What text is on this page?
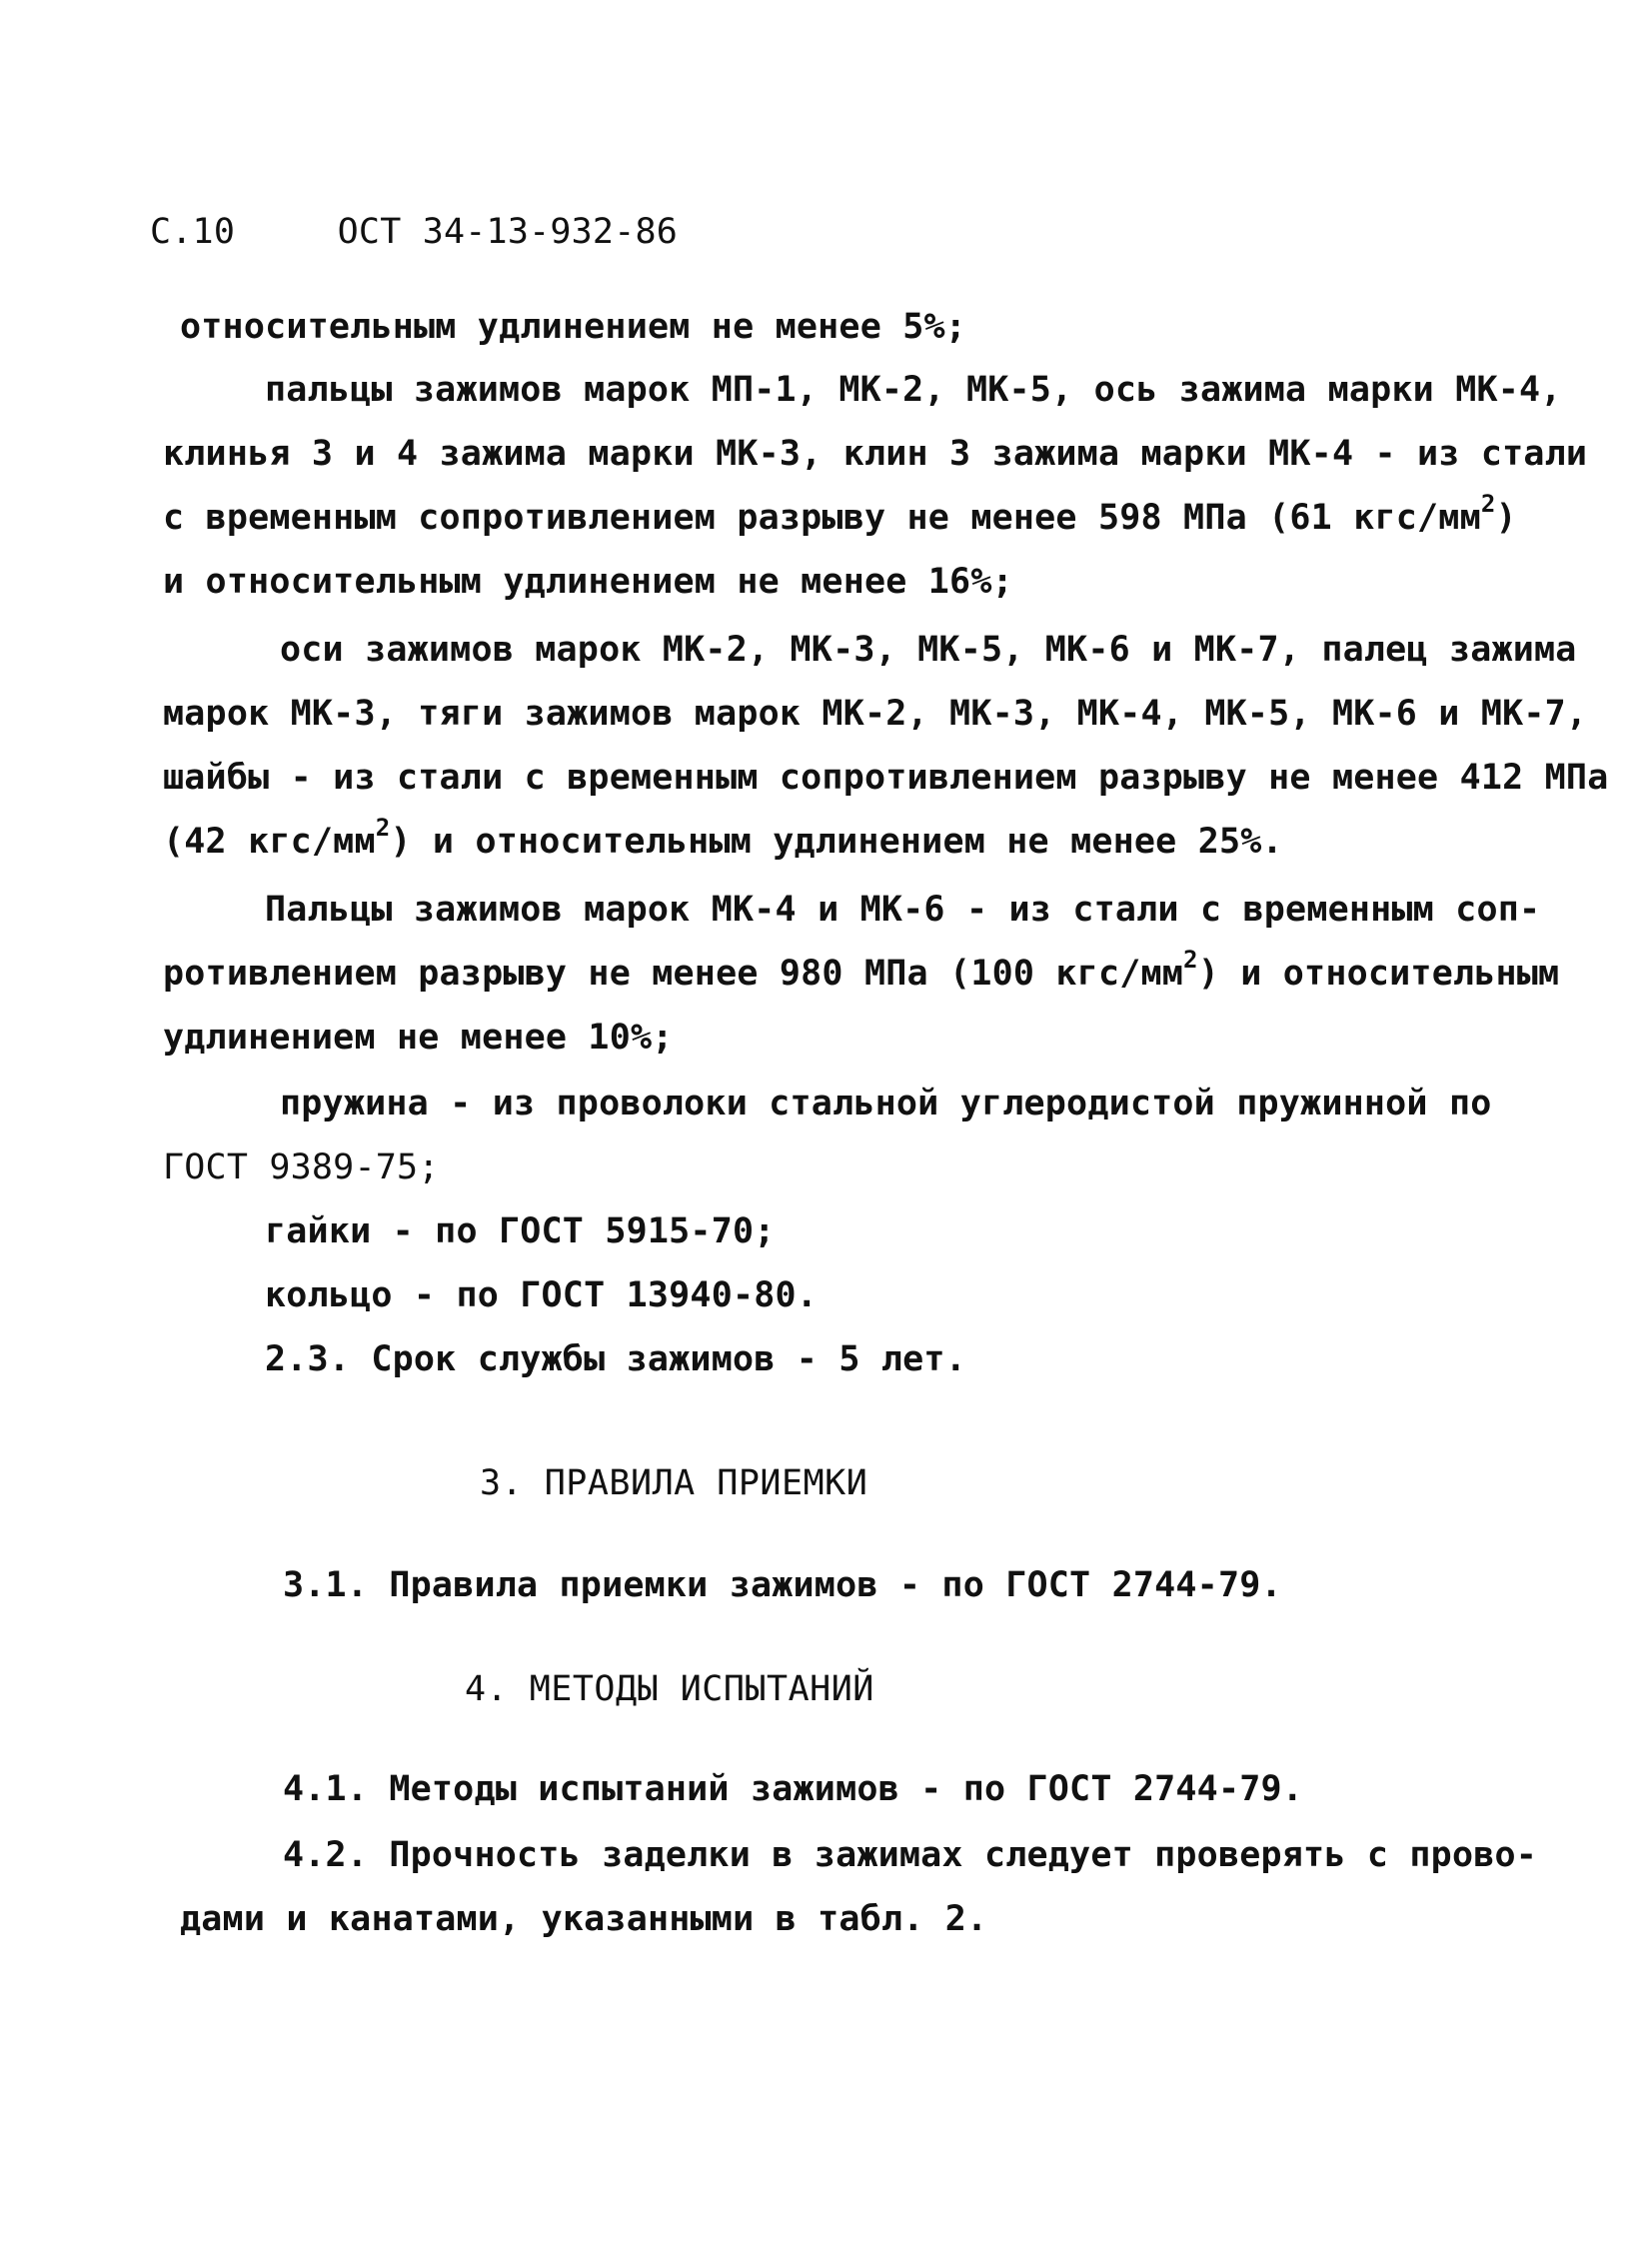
С.10	ОСТ 34-13-932-86
относительным удлинением не менее 5%;
пальцы зажимов марок МП-1, МК-2, МК-5, ось зажима марки МК-4,
клинья 3 и 4 зажима марки МК-3, клин 3 зажима марки МК-4 - из стали
с временным сопротивлением разрыву не менее 598 МПа (61 кгс/$мм^2$)
и относительным удлинением не менее 16%;
оси зажимов марок МК-2, МК-3, МК-5, МК-6 и МК-7, палец зажима
марок МК-3, тяги зажимов марок МК-2, МК-3, МК-4, МК-5, МК-6 и МК-7,
шайбы - из стали с временным сопротивлением разрыву не менее 412 МПа
(42 кгс/$мм^2$) и относительным удлинением не менее 25%.
Пальцы зажимов марок МК-4 и МК-6 - из стали с временным соп-
ротивлением разрыву не менее 980 МПа (100 кгс/$мм^2$) и относительным
удлинением не менее 10%;
пружина - из проволоки стальной углеродистой пружинной по
ГОСТ 9389-75;
гайки - по ГОСТ 5915-70;
кольцо - по ГОСТ 13940-80.
2.3. Срок службы зажимов - 5 лет.
3. ПРАВИЛА ПРИЕМКИ
3.1. Правила приемки зажимов - по ГОСТ 2744-79.
4. МЕТОДЫ ИСПЫТАНИЙ
4.1. Методы испытаний зажимов - по ГОСТ 2744-79.
4.2. Прочность заделки в зажимах следует проверять с прово-
дами и канатами, указанными в табл. 2.
